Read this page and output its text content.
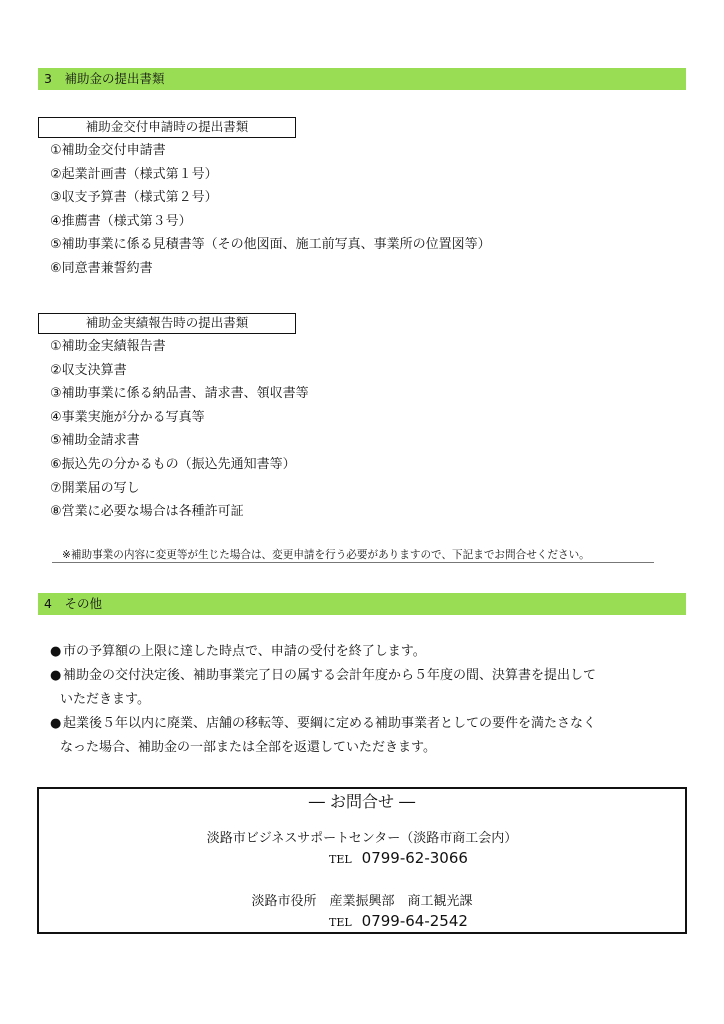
3　補助金の提出書類
補助金交付申請時の提出書類
①補助金交付申請書
②起業計画書（様式第１号）
③収支予算書（様式第２号）
④推薦書（様式第３号）
⑤補助事業に係る見積書等（その他図面、施工前写真、事業所の位置図等）
⑥同意書兼誓約書
補助金実績報告時の提出書類
①補助金実績報告書
②収支決算書
③補助事業に係る納品書、請求書、領収書等
④事業実施が分かる写真等
⑤補助金請求書
⑥振込先の分かるもの（振込先通知書等）
⑦開業届の写し
⑧営業に必要な場合は各種許可証
※補助事業の内容に変更等が生じた場合は、変更申請を行う必要がありますので、下記までお問合せください。
4　その他
● 市の予算額の上限に達した時点で、申請の受付を終了します。
● 補助金の交付決定後、補助事業完了日の属する会計年度から５年度の間、決算書を提出して
いただきます。
● 起業後５年以内に廃業、店舗の移転等、要綱に定める補助事業者としての要件を満たさなく
なった場合、補助金の一部または全部を返還していただきます。
― お問合せ ―
淡路市ビジネスサポートセンター（淡路市商工会内）
TEL 0799-62-3066
淡路市役所　産業振興部　商工観光課
TEL 0799-64-2542
